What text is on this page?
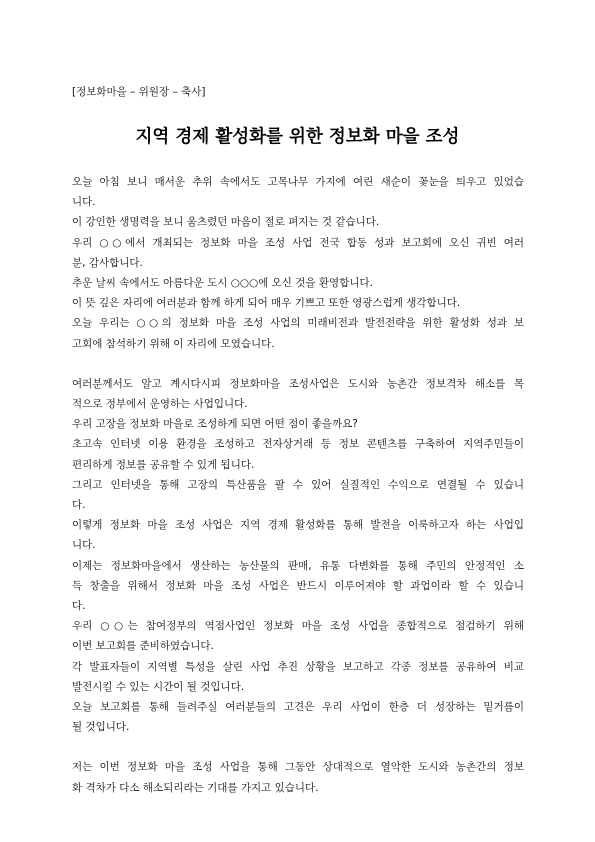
[정보화마을 – 위원장 – 축사]
지역 경제 활성화를 위한 정보화 마을 조성
오늘 아침 보니 매서운 추위 속에서도 고목나무 가지에 여린 새순이 꽃눈을 틔우고 있었습
니다.
이 강인한 생명력을 보니 움츠렸던 마음이 절로 펴지는 것 같습니다.
우리 ○○에서 개최되는 정보화 마을 조성 사업 전국 합동 성과 보고회에 오신 귀빈 여러
분, 감사합니다.
추운 날씨 속에서도 아름다운 도시 ○○○에 오신 것을 환영합니다.
이 뜻 깊은 자리에 여러분과 함께 하게 되어 매우 기쁘고 또한 영광스럽게 생각합니다.
오늘 우리는 ○○의 정보화 마을 조성 사업의 미래비전과 발전전략을 위한 활성화 성과 보
고회에 참석하기 위해 이 자리에 모였습니다.
여러분께서도 알고 계시다시피 정보화마을 조성사업은 도시와 농촌간 정보격차 해소를 목
적으로 정부에서 운영하는 사업입니다.
우리 고장을 정보화 마을로 조성하게 되면 어떤 점이 좋을까요?
초고속 인터넷 이용 환경을 조성하고 전자상거래 등 정보 콘텐츠를 구축하여 지역주민들이
편리하게 정보를 공유할 수 있게 됩니다.
그리고 인터넷을 통해 고장의 특산품을 팔 수 있어 실질적인 수익으로 연결될 수 있습니
다.
이렇게 정보화 마을 조성 사업은 지역 경제 활성화를 통해 발전을 이룩하고자 하는 사업입
니다.
이제는 정보화마을에서 생산하는 농산물의 판매, 유통 다변화를 통해 주민의 안정적인 소
득 창출을 위해서 정보화 마을 조성 사업은 반드시 이루어져야 할 과업이라 할 수 있습니
다.
우리 ○○는 참여정부의 역점사업인 정보화 마을 조성 사업을 종합적으로 점검하기 위해
이번 보고회를 준비하였습니다.
각 발표자들이 지역별 특성을 살린 사업 추진 상황을 보고하고 각종 정보를 공유하여 비교
발전시킬 수 있는 시간이 될 것입니다.
오늘 보고회를 통해 들려주실 여러분들의 고견은 우리 사업이 한층 더 성장하는 밑거름이
될 것입니다.
저는 이번 정보화 마을 조성 사업을 통해 그동안 상대적으로 열악한 도시와 농촌간의 정보
화 격차가 다소 해소되리라는 기대를 가지고 있습니다.
